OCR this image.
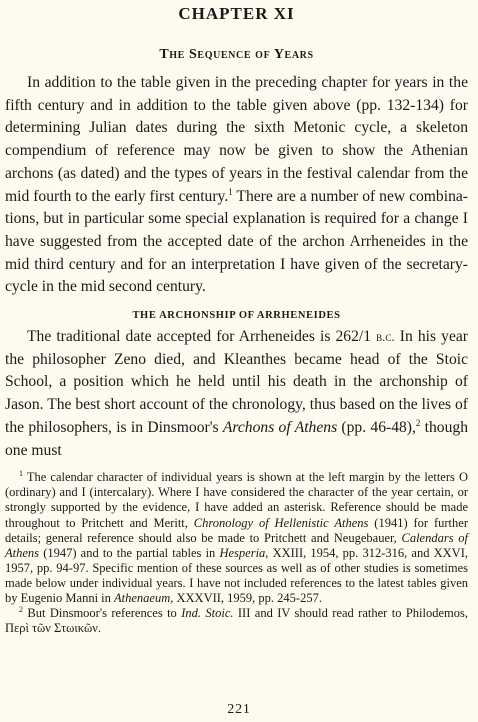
CHAPTER XI
The Sequence of Years

In addition to the table given in the preceding chapter for years in the fifth century and in addition to the table given above (pp. 132-134) for determining Julian dates during the sixth Metonic cycle, a skeleton compendium of reference may now be given to show the Athenian archons (as dated) and the types of years in the festival calendar from the mid fourth to the early first century.$^1$ There are a number of new combinations, but in particular some special explanation is required for a change I have suggested from the accepted date of the archon Arrheneides in the mid third century and for an interpretation I have given of the secretary-cycle in the mid second century.

THE ARCHONSHIP OF ARRHENEIDES

The traditional date accepted for Arrheneides is 262/1 b.c. In his year the philosopher Zeno died, and Kleanthes became head of the Stoic School, a position which he held until his death in the archonship of Jason. The best short account of the chronology, thus based on the lives of the philosophers, is in Dinsmoor's Archons of Athens (pp. 46-48),$^2$ though one must

$^1$ The calendar character of individual years is shown at the left margin by the letters O (ordinary) and I (intercalary). Where I have considered the character of the year certain, or strongly supported by the evidence, I have added an asterisk. Reference should be made throughout to Pritchett and Meritt, Chronology of Hellenistic Athens (1941) for further details; general reference should also be made to Pritchett and Neugebauer, Calendars of Athens (1947) and to the partial tables in Hesperia, XXIII, 1954, pp. 312-316, and XXVI, 1957, pp. 94-97. Specific mention of these sources as well as of other studies is sometimes made below under individual years. I have not included references to the latest tables given by Eugenio Manni in Athenaeum, XXXVII, 1959, pp. 245-257.

$^2$ But Dinsmoor's references to Ind. Stoic. III and IV should read rather to Philodemos, Περὶ τῶν Στωικῶν.

221
